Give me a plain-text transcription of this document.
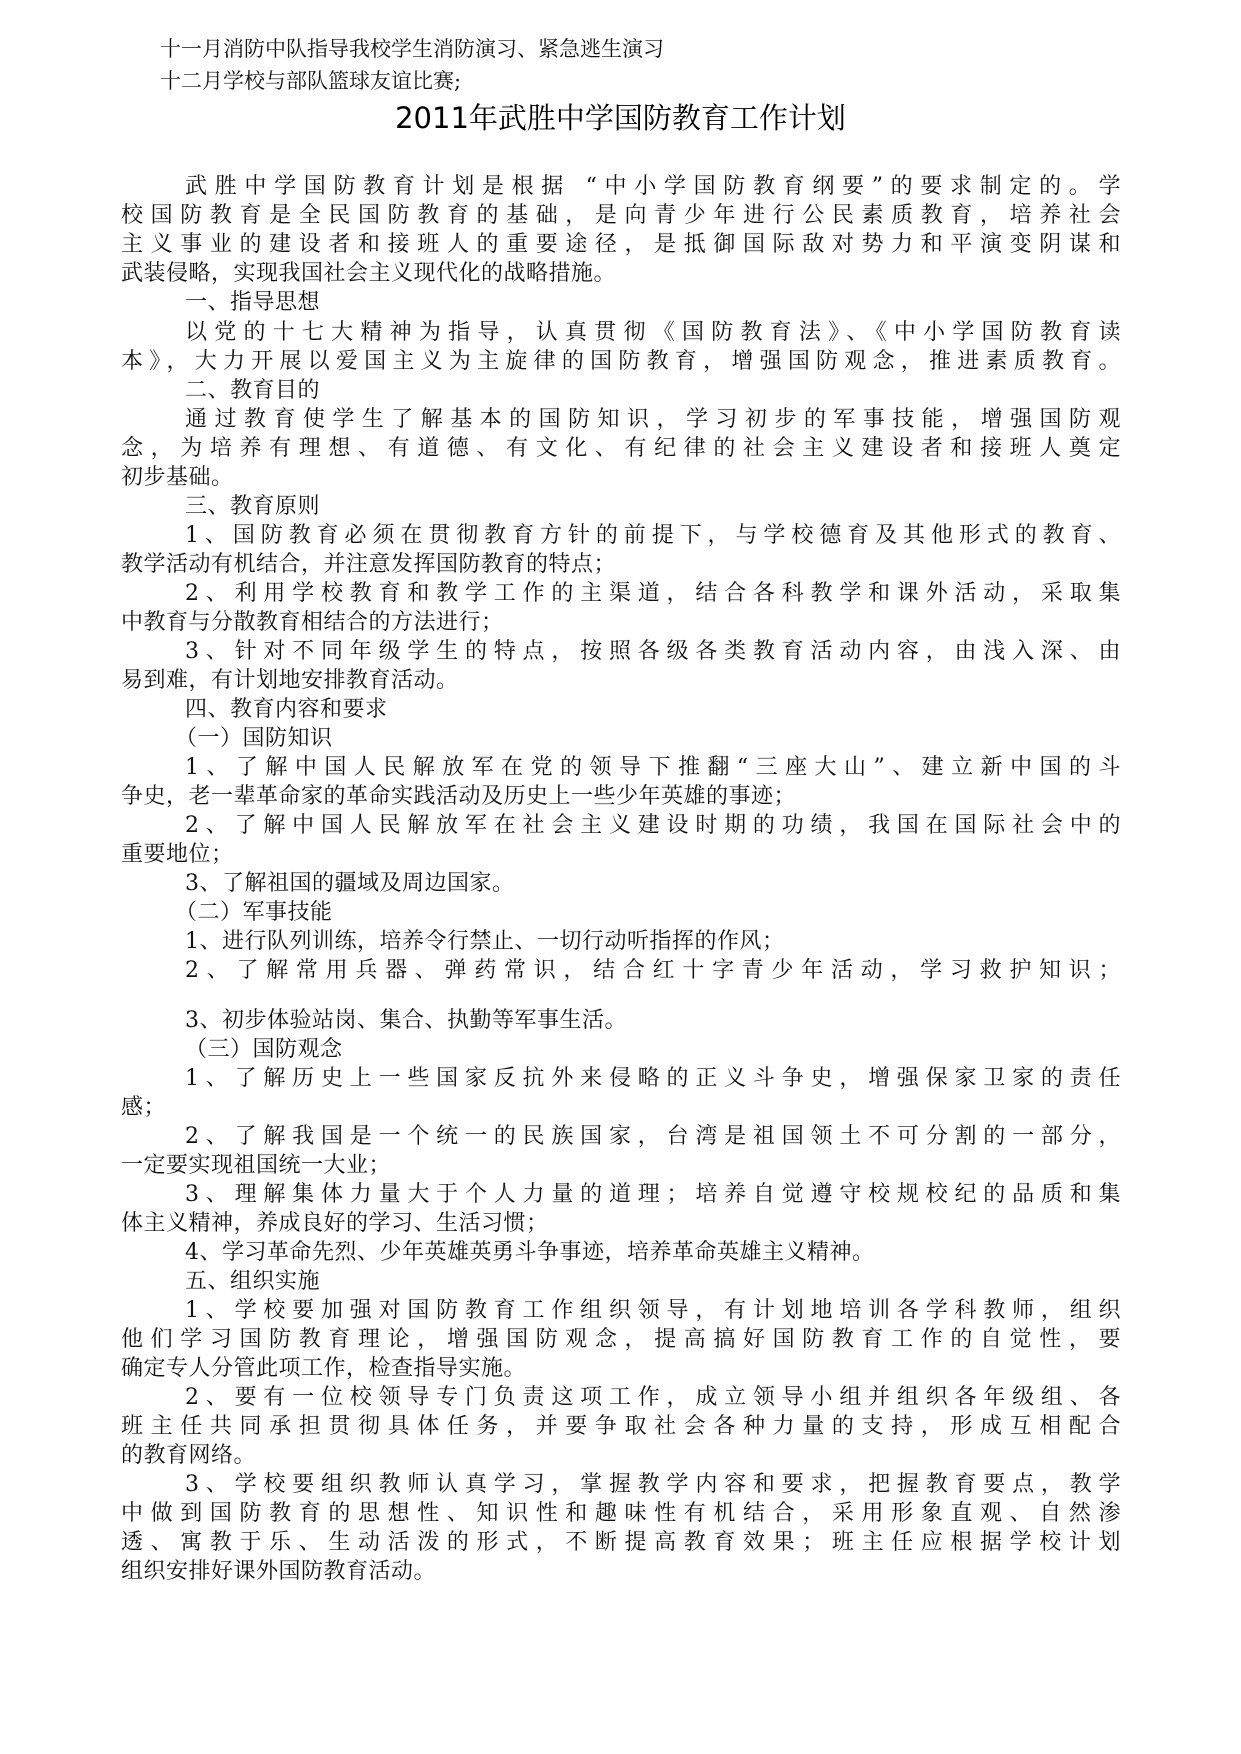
十一月消防中队指导我校学生消防演习、紧急逃生演习
十二月学校与部队篮球友谊比赛;
2011年武胜中学国防教育工作计划
武胜中学国防教育计划是根据 “中小学国防教育纲要”的要求制定的。学
校国防教育是全民国防教育的基础，是向青少年进行公民素质教育，培养社会
主义事业的建设者和接班人的重要途径，是抵御国际敌对势力和平演变阴谋和
武装侵略，实现我国社会主义现代化的战略措施。
一、指导思想
以党的十七大精神为指导，认真贯彻《国防教育法》、《中小学国防教育读
本》，大力开展以爱国主义为主旋律的国防教育，增强国防观念，推进素质教育。
二、教育目的
通过教育使学生了解基本的国防知识，学习初步的军事技能，增强国防观
念，为培养有理想、有道德、有文化、有纪律的社会主义建设者和接班人奠定
初步基础。
三、教育原则
1、国防教育必须在贯彻教育方针的前提下，与学校德育及其他形式的教育、
教学活动有机结合，并注意发挥国防教育的特点；
2、利用学校教育和教学工作的主渠道，结合各科教学和课外活动，采取集
中教育与分散教育相结合的方法进行；
3、针对不同年级学生的特点，按照各级各类教育活动内容，由浅入深、由
易到难，有计划地安排教育活动。
四、教育内容和要求
（一）国防知识
1、了解中国人民解放军在党的领导下推翻“三座大山”、建立新中国的斗
争史，老一辈革命家的革命实践活动及历史上一些少年英雄的事迹；
2、了解中国人民解放军在社会主义建设时期的功绩，我国在国际社会中的
重要地位；
3、了解祖国的疆域及周边国家。
（二）军事技能
1、进行队列训练，培养令行禁止、一切行动听指挥的作风；
2、了解常用兵器、弹药常识，结合红十字青少年活动，学习救护知识；
3、初步体验站岗、集合、执勤等军事生活。
（三）国防观念
1、了解历史上一些国家反抗外来侵略的正义斗争史，增强保家卫家的责任
感；
2、了解我国是一个统一的民族国家，台湾是祖国领土不可分割的一部分，
一定要实现祖国统一大业；
3、理解集体力量大于个人力量的道理；培养自觉遵守校规校纪的品质和集
体主义精神，养成良好的学习、生活习惯；
4、学习革命先烈、少年英雄英勇斗争事迹，培养革命英雄主义精神。
五、组织实施
1、学校要加强对国防教育工作组织领导，有计划地培训各学科教师，组织
他们学习国防教育理论，增强国防观念，提高搞好国防教育工作的自觉性，要
确定专人分管此项工作，检查指导实施。
2、要有一位校领导专门负责这项工作，成立领导小组并组织各年级组、各
班主任共同承担贯彻具体任务，并要争取社会各种力量的支持，形成互相配合
的教育网络。
3、学校要组织教师认真学习，掌握教学内容和要求，把握教育要点，教学
中做到国防教育的思想性、知识性和趣味性有机结合，采用形象直观、自然渗
透、寓教于乐、生动活泼的形式，不断提高教育效果；班主任应根据学校计划
组织安排好课外国防教育活动。
